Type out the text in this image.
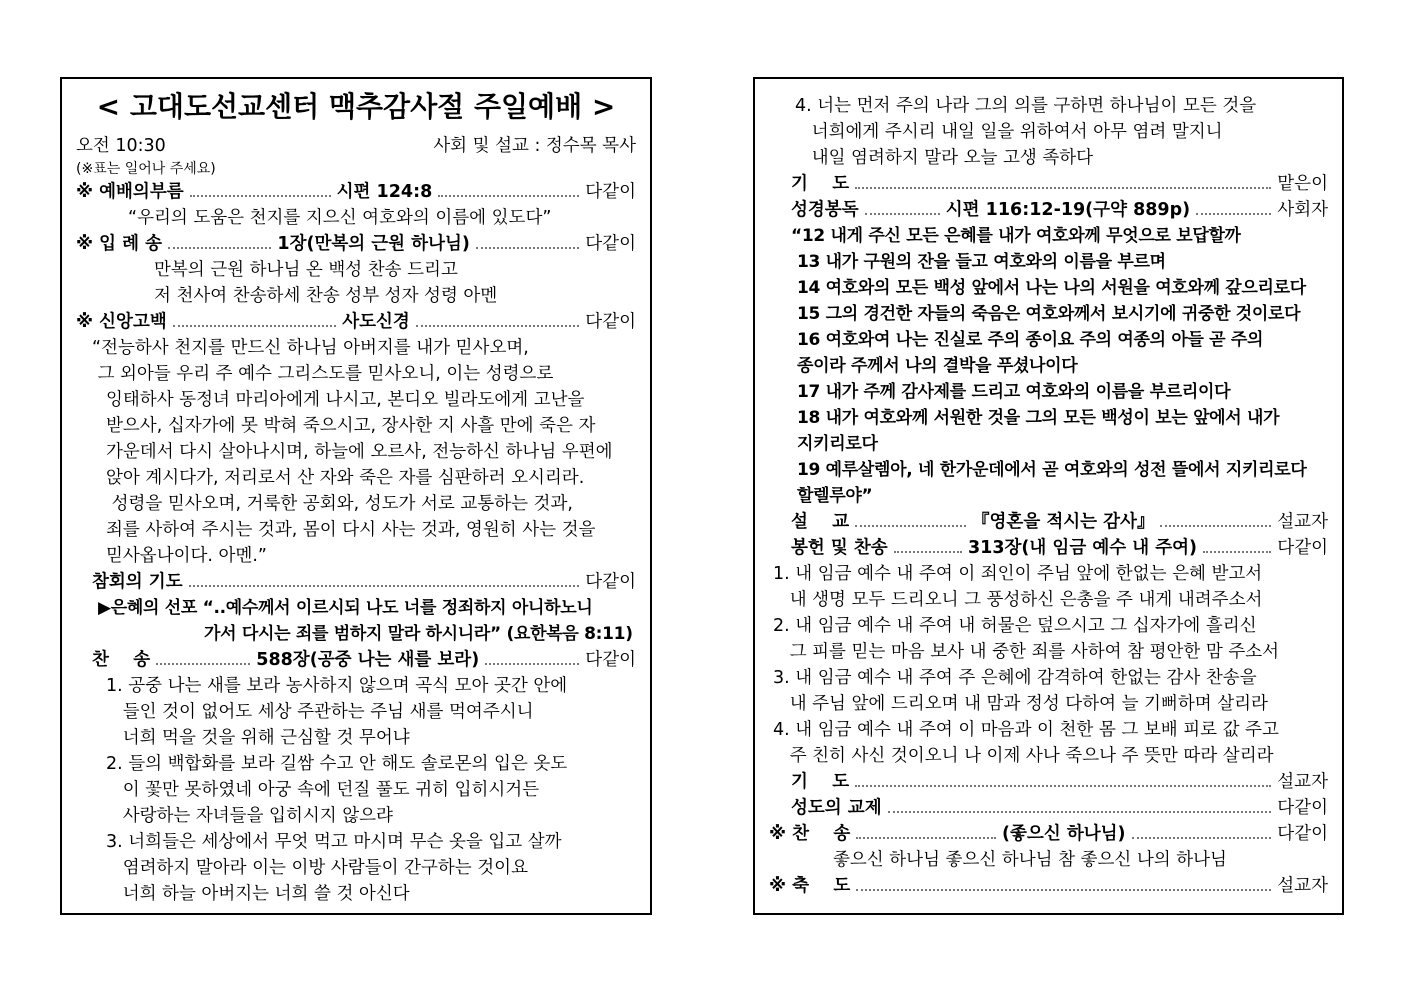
< 고대도선교센터 맥추감사절 주일예배 >
오전 10:30	사회 및 설교 : 정수목 목사
(※표는 일어나 주세요)
※ 예배의부름	시편 124:8	다같이
“우리의 도움은 천지를 지으신 여호와의 이름에 있도다”
※ 입 례 송	1장(만복의 근원 하나님)	다같이
만복의 근원 하나님 온 백성 찬송 드리고
저 천사여 찬송하세 찬송 성부 성자 성령 아멘
※ 신앙고백	사도신경	다같이
“전능하사 천지를 만드신 하나님 아버지를 내가 믿사오며,
그 외아들 우리 주 예수 그리스도를 믿사오니, 이는 성령으로
잉태하사 동정녀 마리아에게 나시고, 본디오 빌라도에게 고난을
받으사, 십자가에 못 박혀 죽으시고, 장사한 지 사흘 만에 죽은 자
가운데서 다시 살아나시며, 하늘에 오르사, 전능하신 하나님 우편에
앉아 계시다가, 저리로서 산 자와 죽은 자를 심판하러 오시리라.
성령을 믿사오며, 거룩한 공회와, 성도가 서로 교통하는 것과,
죄를 사하여 주시는 것과, 몸이 다시 사는 것과, 영원히 사는 것을
믿사옵나이다. 아멘.”
참회의 기도	다같이
▶은혜의 선포 “..예수께서 이르시되 나도 너를 정죄하지 아니하노니
가서 다시는 죄를 범하지 말라 하시니라” (요한복음 8:11)
찬    송	588장(공중 나는 새를 보라)	다같이
1. 공중 나는 새를 보라 농사하지 않으며 곡식 모아 곳간 안에
들인 것이 없어도 세상 주관하는 주님 새를 먹여주시니
너희 먹을 것을 위해 근심할 것 무어냐
2. 들의 백합화를 보라 길쌈 수고 안 해도 솔로몬의 입은 옷도
이 꽃만 못하였네 아궁 속에 던질 풀도 귀히 입히시거든
사랑하는 자녀들을 입히시지 않으랴
3. 너희들은 세상에서 무엇 먹고 마시며 무슨 옷을 입고 살까
염려하지 말아라 이는 이방 사람들이 간구하는 것이요
너희 하늘 아버지는 너희 쓸 것 아신다
4. 너는 먼저 주의 나라 그의 의를 구하면 하나님이 모든 것을
너희에게 주시리 내일 일을 위하여서 아무 염려 말지니
내일 염려하지 말라 오늘 고생 족하다
기    도	맡은이
성경봉독	시편 116:12-19(구약 889p)	사회자
“12 내게 주신 모든 은혜를 내가 여호와께 무엇으로 보답할까
13 내가 구원의 잔을 들고 여호와의 이름을 부르며
14 여호와의 모든 백성 앞에서 나는 나의 서원을 여호와께 갚으리로다
15 그의 경건한 자들의 죽음은 여호와께서 보시기에 귀중한 것이로다
16 여호와여 나는 진실로 주의 종이요 주의 여종의 아들 곧 주의
종이라 주께서 나의 결박을 푸셨나이다
17 내가 주께 감사제를 드리고 여호와의 이름을 부르리이다
18 내가 여호와께 서원한 것을 그의 모든 백성이 보는 앞에서 내가
지키리로다
19 예루살렘아, 네 한가운데에서 곧 여호와의 성전 뜰에서 지키리로다
할렐루야”
설    교	『영혼을 적시는 감사』	설교자
봉헌 및 찬송	313장(내 임금 예수 내 주여)	다같이
1. 내 임금 예수 내 주여 이 죄인이 주님 앞에 한없는 은혜 받고서
내 생명 모두 드리오니 그 풍성하신 은총을 주 내게 내려주소서
2. 내 임금 예수 내 주여 내 허물은 덮으시고 그 십자가에 흘리신
그 피를 믿는 마음 보사 내 중한 죄를 사하여 참 평안한 맘 주소서
3. 내 임금 예수 내 주여 주 은혜에 감격하여 한없는 감사 찬송을
내 주님 앞에 드리오며 내 맘과 정성 다하여 늘 기뻐하며 살리라
4. 내 임금 예수 내 주여 이 마음과 이 천한 몸 그 보배 피로 값 주고
주 친히 사신 것이오니 나 이제 사나 죽으나 주 뜻만 따라 살리라
기    도	설교자
성도의 교제	다같이
※ 찬    송	(좋으신 하나님)	다같이
좋으신 하나님 좋으신 하나님 참 좋으신 나의 하나님
※ 축    도	설교자
